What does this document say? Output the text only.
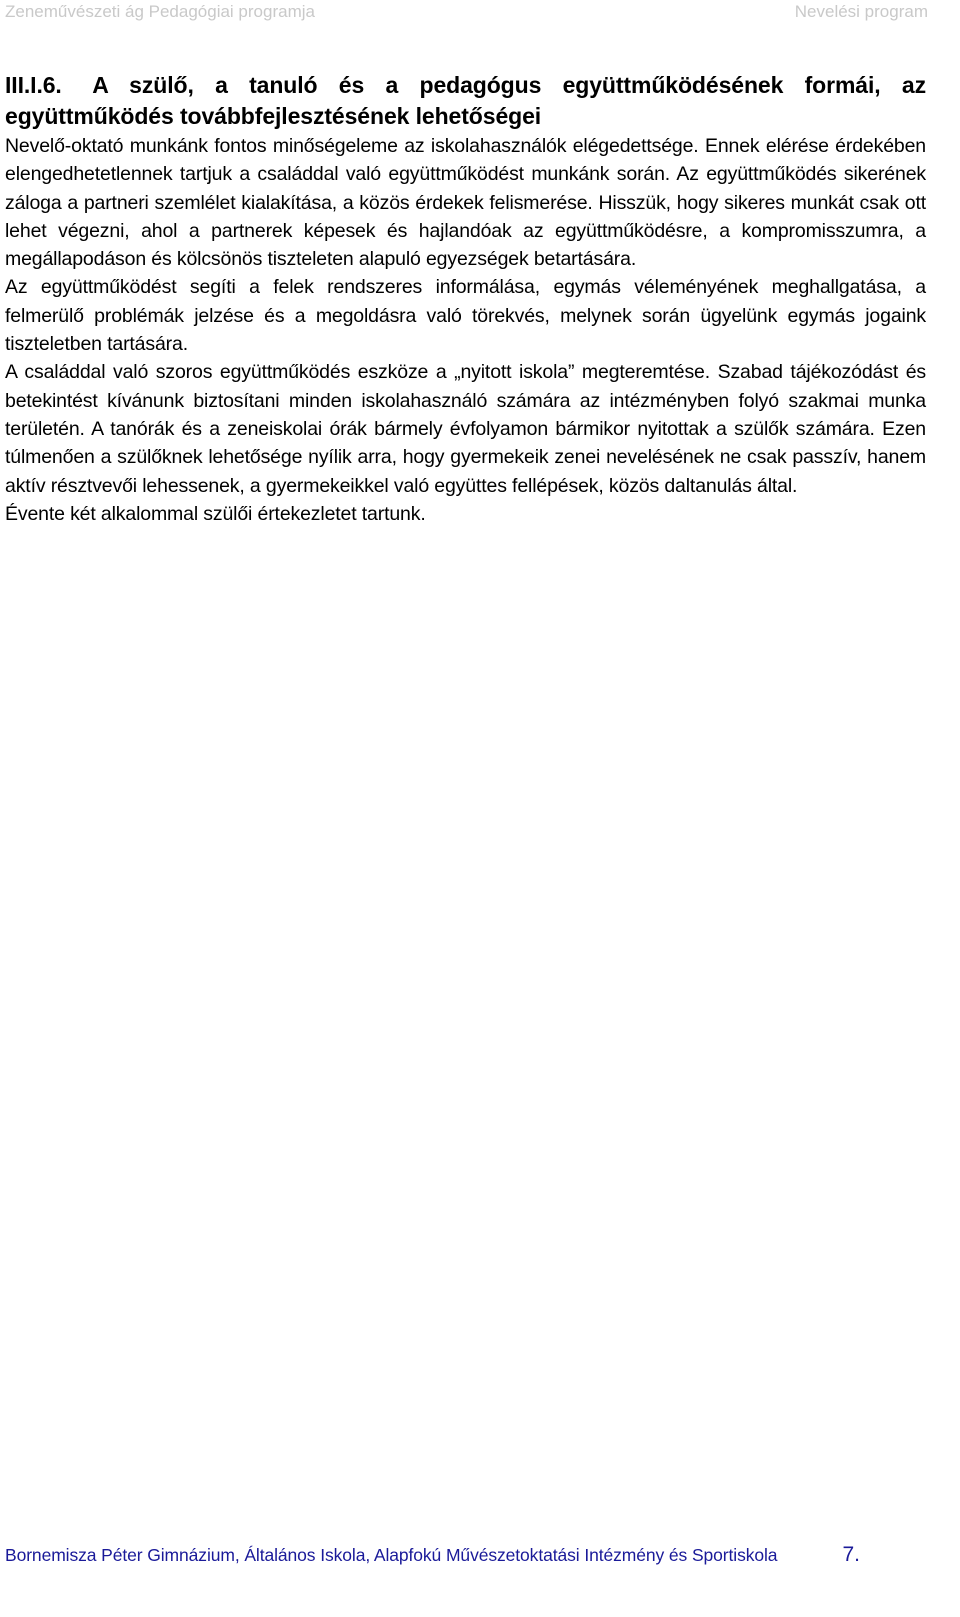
Zeneművészeti ág Pedagógiai programja	Nevelési program
III.I.6. A szülő, a tanuló és a pedagógus együttműködésének formái, az együttműködés továbbfejlesztésének lehetőségei

Nevelő-oktató munkánk fontos minőségeleme az iskolahasználók elégedettsége. Ennek elérése érdekében elengedhetetlennek tartjuk a családdal való együttműködést munkánk során. Az együttműködés sikerének záloga a partneri szemlélet kialakítása, a közös érdekek felismerése. Hisszük, hogy sikeres munkát csak ott lehet végezni, ahol a partnerek képesek és hajlandóak az együttműködésre, a kompromisszumra, a megállapodáson és kölcsönös tiszteleten alapuló egyezségek betartására.

Az együttműködést segíti a felek rendszeres informálása, egymás véleményének meghallgatása, a felmerülő problémák jelzése és a megoldásra való törekvés, melynek során ügyelünk egymás jogaink tiszteletben tartására.

A családdal való szoros együttműködés eszköze a „nyitott iskola” megteremtése. Szabad tájékozódást és betekintést kívánunk biztosítani minden iskolahasználó számára az intézményben folyó szakmai munka területén. A tanórák és a zeneiskolai órák bármely évfolyamon bármikor nyitottak a szülők számára. Ezen túlmenően a szülőknek lehetősége nyílik arra, hogy gyermekeik zenei nevelésének ne csak passzív, hanem aktív résztvevői lehessenek, a gyermekeikkel való együttes fellépések, közös daltanulás által.

Évente két alkalommal szülői értekezletet tartunk.

Bornemisza Péter Gimnázium, Általános Iskola, Alapfokú Művészetoktatási Intézmény és Sportiskola	7.
